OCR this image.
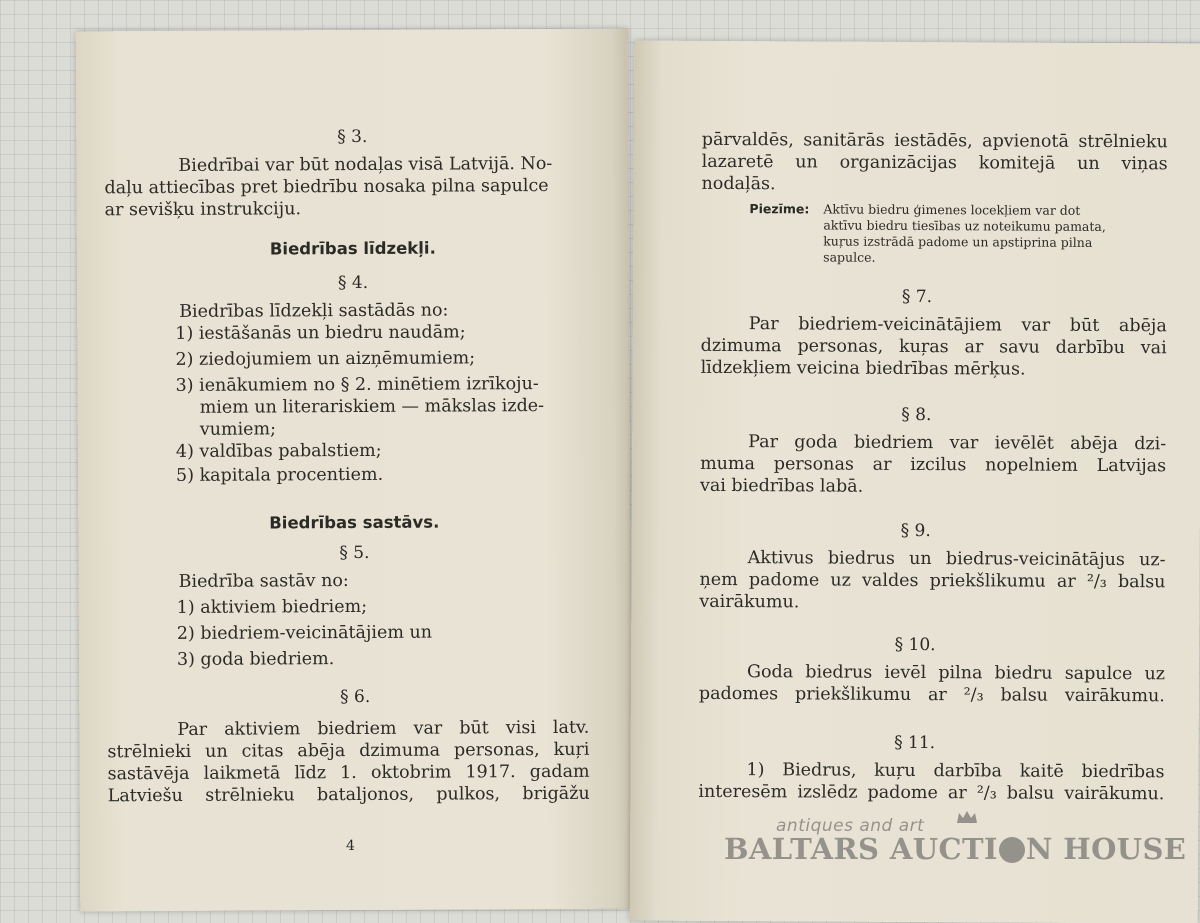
§ 3.
Biedrībai var būt nodaļas visā Latvijā. No-
daļu attiecības pret biedrību nosaka pilna sapulce
ar sevišķu instrukciju.
Biedrības līdzekļi.
§ 4.
Biedrības līdzekļi sastādās no:
1) iestāšanās un biedru naudām;
2) ziedojumiem un aizņēmumiem;
3) ienākumiem no § 2. minētiem izrīkoju-
miem un literariskiem — mākslas izde-
vumiem;
4) valdības pabalstiem;
5) kapitala procentiem.
Biedrības sastāvs.
§ 5.
Biedrība sastāv no:
1) aktiviem biedriem;
2) biedriem-veicinātājiem un
3) goda biedriem.
§ 6.
Par aktiviem biedriem var būt visi latv.
strēlnieki un citas abēja dzimuma personas, kuŗi
sastāvēja laikmetā līdz 1. oktobrim 1917. gadam
Latviešu strēlnieku bataljonos, pulkos, brigāžu
4
pārvaldēs, sanitārās iestādēs, apvienotā strēlnieku
lazaretē un organizācijas komitejā un viņas
nodaļās.
Piezīme: Aktīvu biedru ģimenes locekļiem var dot
aktīvu biedru tiesības uz noteikumu pamata,
kuŗus izstrādā padome un apstiprina pilna
sapulce.
§ 7.
Par biedriem-veicinātājiem var būt abēja
dzimuma personas, kuŗas ar savu darbību vai
līdzekļiem veicina biedrības mērķus.
§ 8.
Par goda biedriem var ievēlēt abēja dzi-
muma personas ar izcilus nopelniem Latvijas
vai biedrības labā.
§ 9.
Aktivus biedrus un biedrus-veicinātājus uz-
ņem padome uz valdes priekšlikumu ar ²/₃ balsu
vairākumu.
§ 10.
Goda biedrus ievēl pilna biedru sapulce uz
padomes priekšlikumu ar ²/₃ balsu vairākumu.
§ 11.
1) Biedrus, kuŗu darbība kaitē biedrības
interesēm izslēdz padome ar ²/₃ balsu vairākumu.
antiques and art
BALTARS AUCTI N HOUSE
